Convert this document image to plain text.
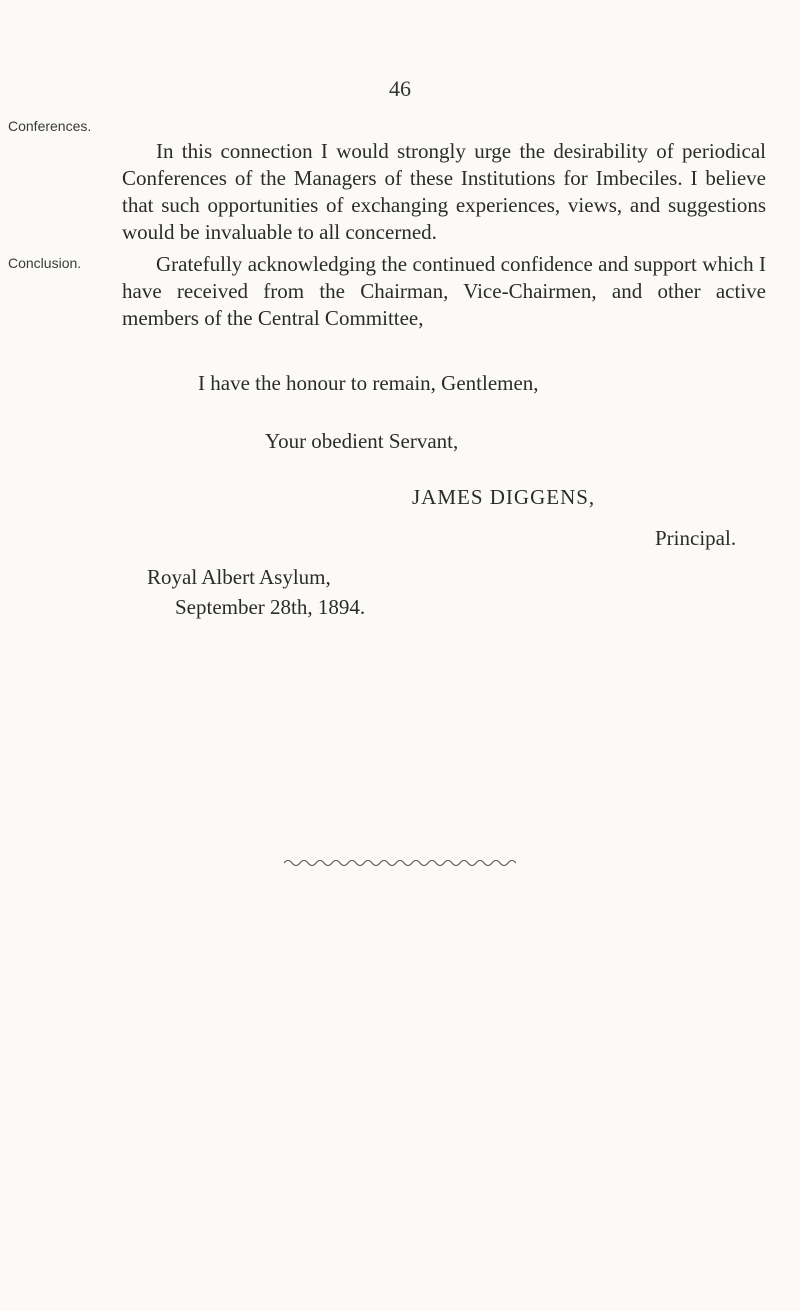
46
Conferences.

In this connection I would strongly urge the desirability of periodical Conferences of the Managers of these Institutions for Imbeciles. I believe that such opportunities of exchanging experiences, views, and suggestions would be invaluable to all concerned.

Conclusion.	Gratefully acknowledging the continued confidence and support which I have received from the Chairman, Vice-Chairmen, and other active members of the Central Committee,

I have the honour to remain, Gentlemen,

Your obedient Servant,

JAMES DIGGENS,

Principal.

Royal Albert Asylum,

September 28th, 1894.
